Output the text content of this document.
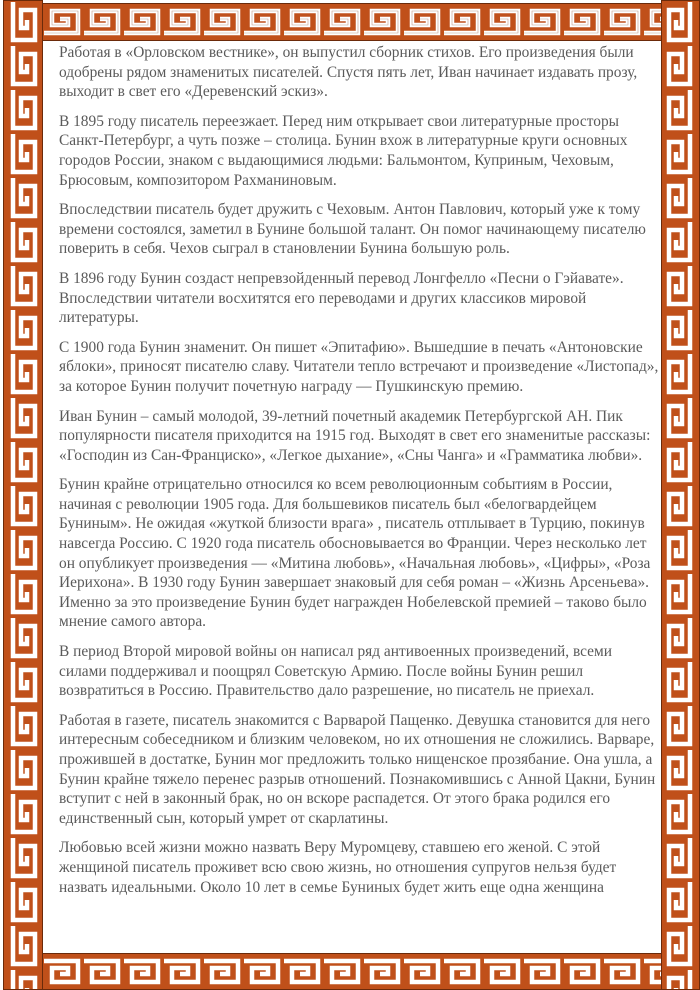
Работая в «Орловском вестнике», он выпустил сборник стихов. Его произведения были одобрены рядом знаменитых писателей. Спустя пять лет, Иван начинает издавать прозу, выходит в свет его «Деревенский эскиз».

В 1895 году писатель переезжает. Перед ним открывает свои литературные просторы Санкт-Петербург, а чуть позже – столица. Бунин вхож в литературные круги основных городов России, знаком с выдающимися людьми: Бальмонтом, Куприным, Чеховым, Брюсовым, композитором Рахманиновым.

Впоследствии писатель будет дружить с Чеховым. Антон Павлович, который уже к тому времени состоялся, заметил в Бунине большой талант. Он помог начинающему писателю поверить в себя. Чехов сыграл в становлении Бунина большую роль.

В 1896 году Бунин создаст непревзойденный перевод Лонгфелло «Песни о Гэйавате». Впоследствии читатели восхитятся его переводами и других классиков мировой литературы.

С 1900 года Бунин знаменит. Он пишет «Эпитафию». Вышедшие в печать «Антоновские яблоки», приносят писателю славу. Читатели тепло встречают и произведение «Листопад», за которое Бунин получит почетную награду — Пушкинскую премию.

Иван Бунин – самый молодой, 39-летний почетный академик Петербургской АН. Пик популярности писателя приходится на 1915 год. Выходят в свет его знаменитые рассказы: «Господин из Сан-Франциско», «Легкое дыхание», «Сны Чанга» и «Грамматика любви».

Бунин крайне отрицательно относился ко всем революционным событиям в России, начиная с революции 1905 года. Для большевиков писатель был «белогвардейцем Буниным». Не ожидая «жуткой близости врага» , писатель отплывает в Турцию, покинув навсегда Россию. С 1920 года писатель обосновывается во Франции. Через несколько лет он опубликует произведения — «Митина любовь», «Начальная любовь», «Цифры», «Роза Иерихона». В 1930 году Бунин завершает знаковый для себя роман – «Жизнь Арсеньева». Именно за это произведение Бунин будет награжден Нобелевской премией – таково было мнение самого автора.

В период Второй мировой войны он написал ряд антивоенных произведений, всеми силами поддерживал и поощрял Советскую Армию. После войны Бунин решил возвратиться в Россию. Правительство дало разрешение, но писатель не приехал.

Работая в газете, писатель знакомится с Варварой Пащенко. Девушка становится для него интересным собеседником и близким человеком, но их отношения не сложились. Варваре, прожившей в достатке, Бунин мог предложить только нищенское прозябание. Она ушла, а Бунин крайне тяжело перенес разрыв отношений. Познакомившись с Анной Цакни, Бунин вступит с ней в законный брак, но он вскоре распадется. От этого брака родился его единственный сын, который умрет от скарлатины.

Любовью всей жизни можно назвать Веру Муромцеву, ставшею его женой. С этой женщиной писатель проживет всю свою жизнь, но отношения супругов нельзя будет назвать идеальными. Около 10 лет в семье Буниных будет жить еще одна женщина
